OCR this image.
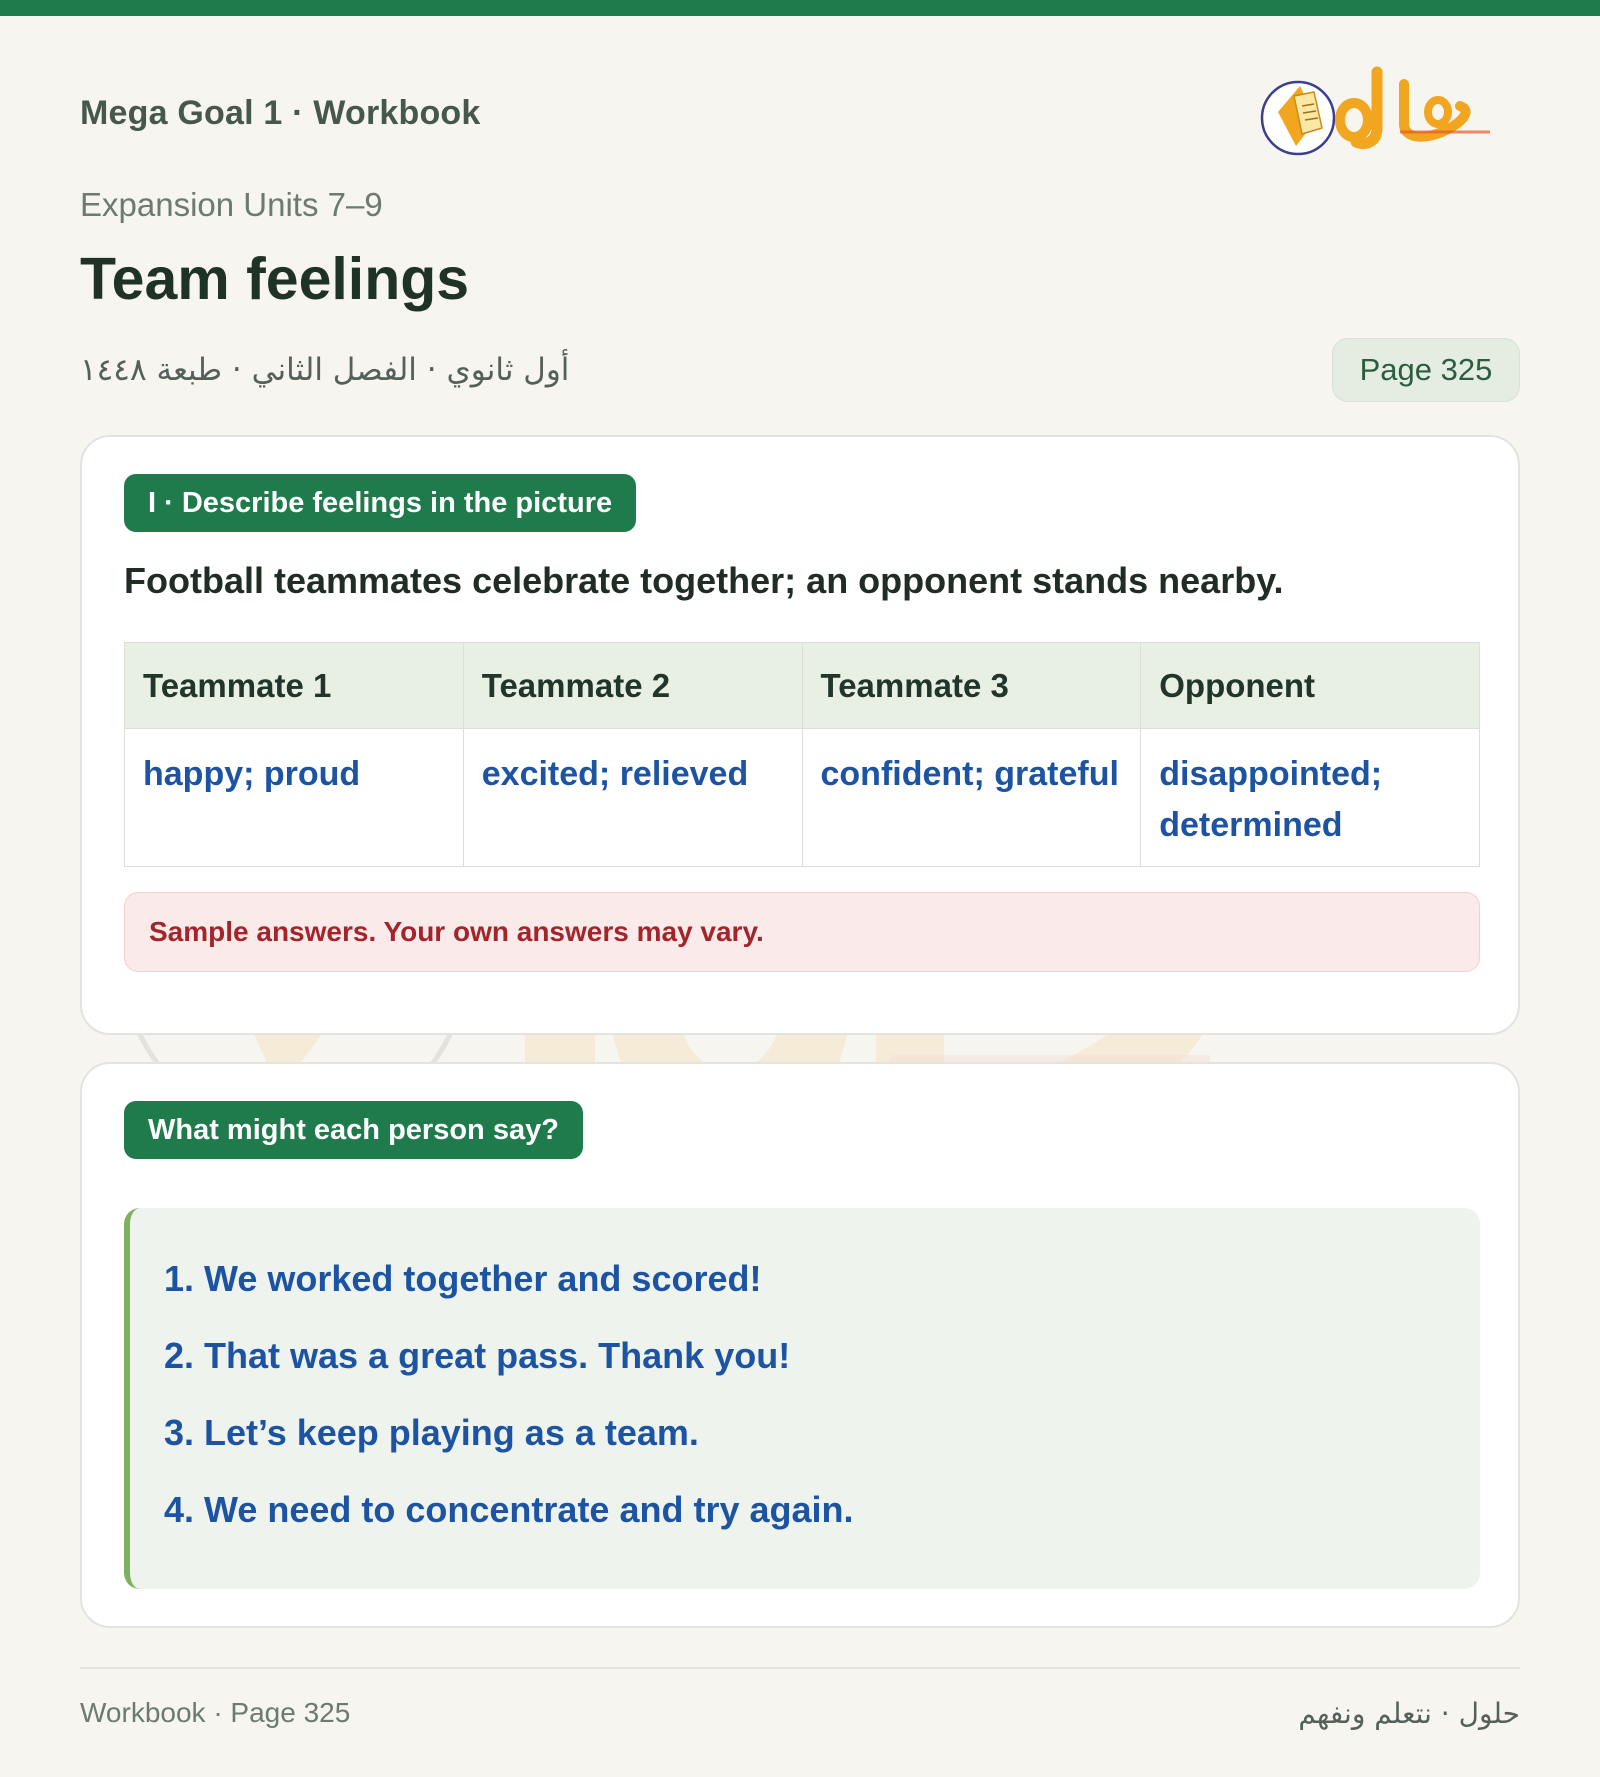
Mega Goal 1 · Workbook
حلول
Expansion Units 7–9
Team feelings
أول ثانوي · الفصل الثاني · طبعة ١٤٤٨	Page 325
I · Describe feelings in the picture
Football teammates celebrate together; an opponent stands nearby.
Teammate 1	Teammate 2	Teammate 3	Opponent
happy; proud	excited; relieved	confident; grateful	disappointed; determined
Sample answers. Your own answers may vary.
What might each person say?
1. We worked together and scored!
2. That was a great pass. Thank you!
3. Let’s keep playing as a team.
4. We need to concentrate and try again.
Workbook · Page 325	حلول · نتعلم ونفهم
